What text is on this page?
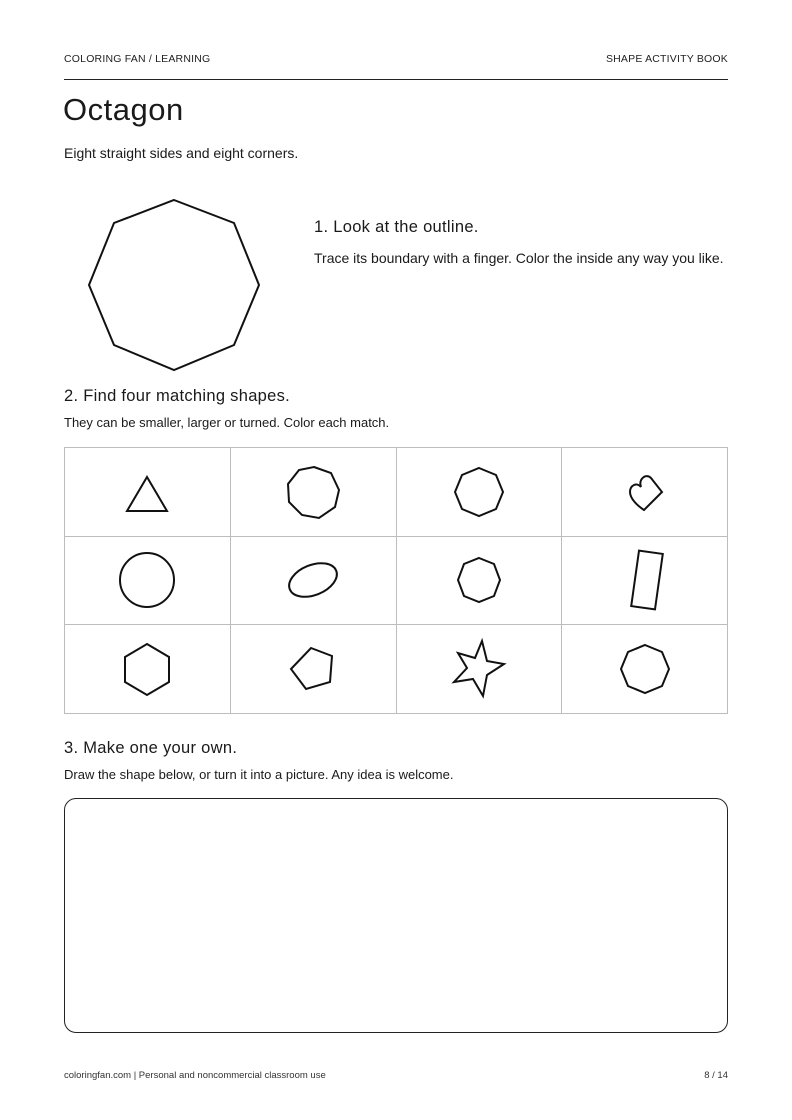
COLORING FAN / LEARNING	SHAPE ACTIVITY BOOK
Octagon
Eight straight sides and eight corners.
1. Look at the outline.
Trace its boundary with a finger. Color the inside any way you like.
2. Find four matching shapes.
They can be smaller, larger or turned. Color each match.
3. Make one your own.
Draw the shape below, or turn it into a picture. Any idea is welcome.
coloringfan.com | Personal and noncommercial classroom use	8 / 14
